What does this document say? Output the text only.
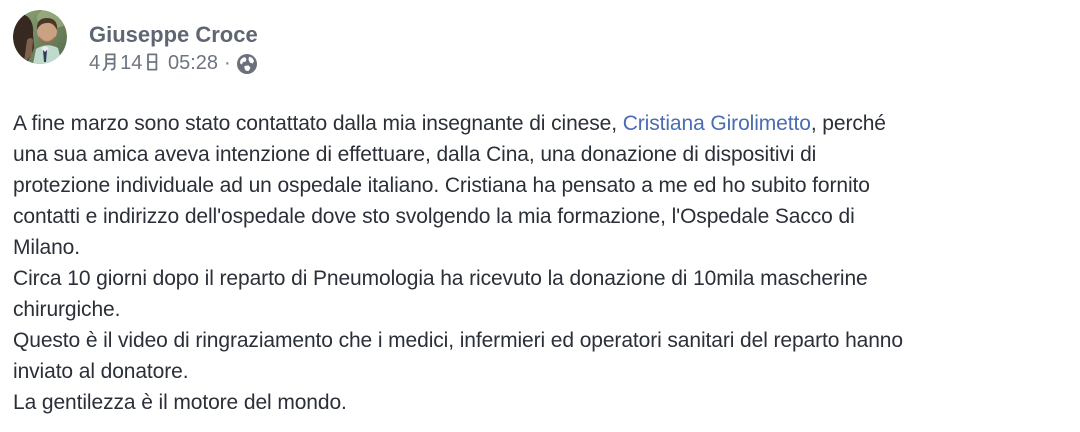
Giuseppe Croce
4 14 05:28 ·
A fine marzo sono stato contattato dalla mia insegnante di cinese, Cristiana Girolimetto, perché
una sua amica aveva intenzione di effettuare, dalla Cina, una donazione di dispositivi di
protezione individuale ad un ospedale italiano. Cristiana ha pensato a me ed ho subito fornito
contatti e indirizzo dell'ospedale dove sto svolgendo la mia formazione, l'Ospedale Sacco di
Milano.
Circa 10 giorni dopo il reparto di Pneumologia ha ricevuto la donazione di 10mila mascherine
chirurgiche.
Questo è il video di ringraziamento che i medici, infermieri ed operatori sanitari del reparto hanno
inviato al donatore.
La gentilezza è il motore del mondo.
